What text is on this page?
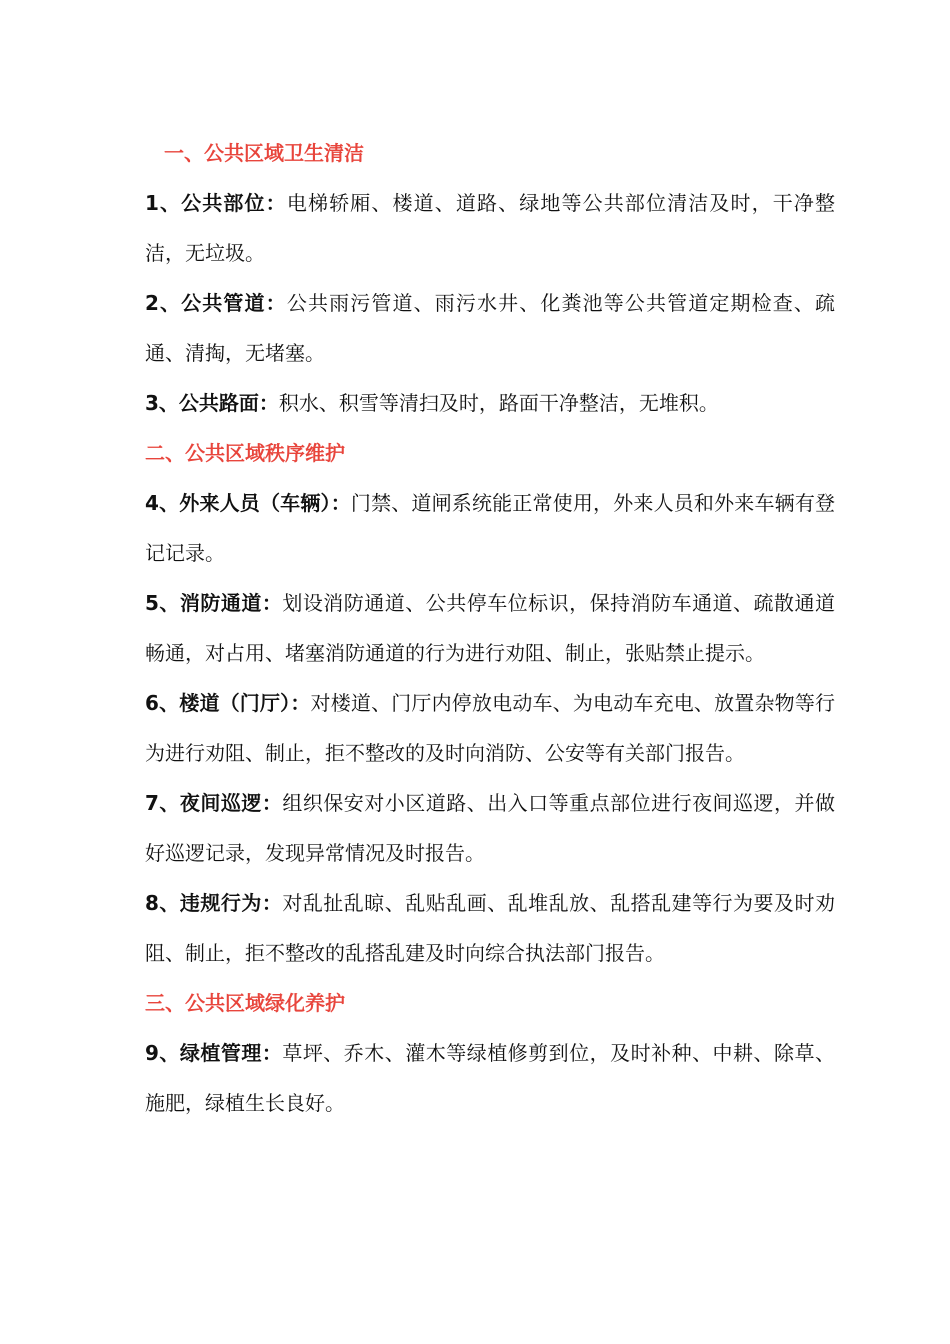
一、公共区域卫生清洁
1、公共部位：电梯轿厢、楼道、道路、绿地等公共部位清洁及时，干净整洁，无垃圾。
2、公共管道：公共雨污管道、雨污水井、化粪池等公共管道定期检查、疏通、清掏，无堵塞。
3、公共路面：积水、积雪等清扫及时，路面干净整洁，无堆积。
二、公共区域秩序维护
4、外来人员（车辆）：门禁、道闸系统能正常使用，外来人员和外来车辆有登记记录。
5、消防通道：划设消防通道、公共停车位标识，保持消防车通道、疏散通道畅通，对占用、堵塞消防通道的行为进行劝阻、制止，张贴禁止提示。
6、楼道（门厅）：对楼道、门厅内停放电动车、为电动车充电、放置杂物等行为进行劝阻、制止，拒不整改的及时向消防、公安等有关部门报告。
7、夜间巡逻：组织保安对小区道路、出入口等重点部位进行夜间巡逻，并做好巡逻记录，发现异常情况及时报告。
8、违规行为：对乱扯乱晾、乱贴乱画、乱堆乱放、乱搭乱建等行为要及时劝阻、制止，拒不整改的乱搭乱建及时向综合执法部门报告。
三、公共区域绿化养护
9、绿植管理：草坪、乔木、灌木等绿植修剪到位，及时补种、中耕、除草、施肥，绿植生长良好。
